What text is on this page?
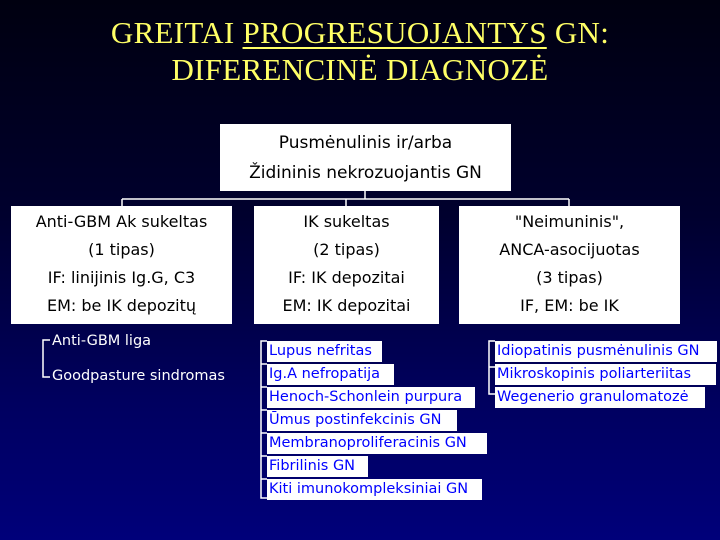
GREITAI PROGRESUOJANTYS GN:
DIFERENCINĖ DIAGNOZĖ
Pusmėnulinis ir/arba
Židininis nekrozuojantis GN
Anti-GBM Ak sukeltas
(1 tipas)
IF: linijinis Ig.G, C3
EM: be IK depozitų
IK sukeltas
(2 tipas)
IF: IK depozitai
EM: IK depozitai
"Neimuninis",
ANCA-asocijuotas
(3 tipas)
IF, EM: be IK
Anti-GBM liga
Goodpasture sindromas
Lupus nefritas
Ig.A nefropatija
Henoch-Schonlein purpura
Ūmus postinfekcinis GN
Membranoproliferacinis GN
Fibrilinis GN
Kiti imunokompleksiniai GN
Idiopatinis pusmėnulinis GN
Mikroskopinis poliarteriitas
Wegenerio granulomatozė
